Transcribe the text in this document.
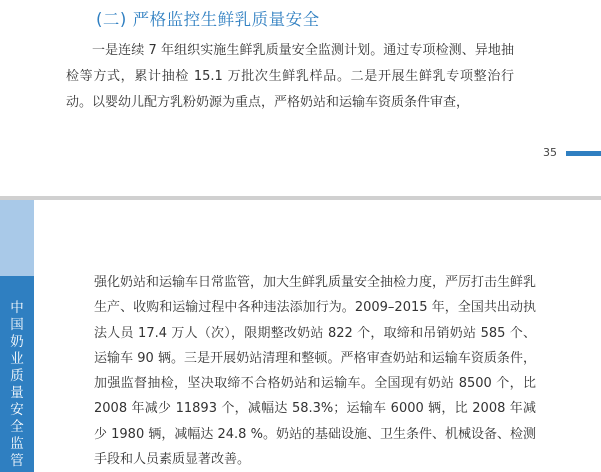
(二) 严格监控生鲜乳质量安全
一是连续 7 年组织实施生鲜乳质量安全监测计划。通过专项检测、异地抽检等方式，累计抽检 15.1 万批次生鲜乳样品。二是开展生鲜乳专项整治行动。以婴幼儿配方乳粉奶源为重点，严格奶站和运输车资质条件审查，
35
中国奶业质量安全监管
强化奶站和运输车日常监管，加大生鲜乳质量安全抽检力度，严厉打击生鲜乳生产、收购和运输过程中各种违法添加行为。2009–2015 年，全国共出动执法人员 17.4 万人（次），限期整改奶站 822 个，取缔和吊销奶站 585 个、运输车 90 辆。三是开展奶站清理和整顿。严格审查奶站和运输车资质条件，加强监督抽检，坚决取缔不合格奶站和运输车。全国现有奶站 8500 个，比 2008 年减少 11893 个，减幅达 58.3%；运输车 6000 辆，比 2008 年减少 1980 辆，减幅达 24.8 %。奶站的基础设施、卫生条件、机械设备、检测手段和人员素质显著改善。
